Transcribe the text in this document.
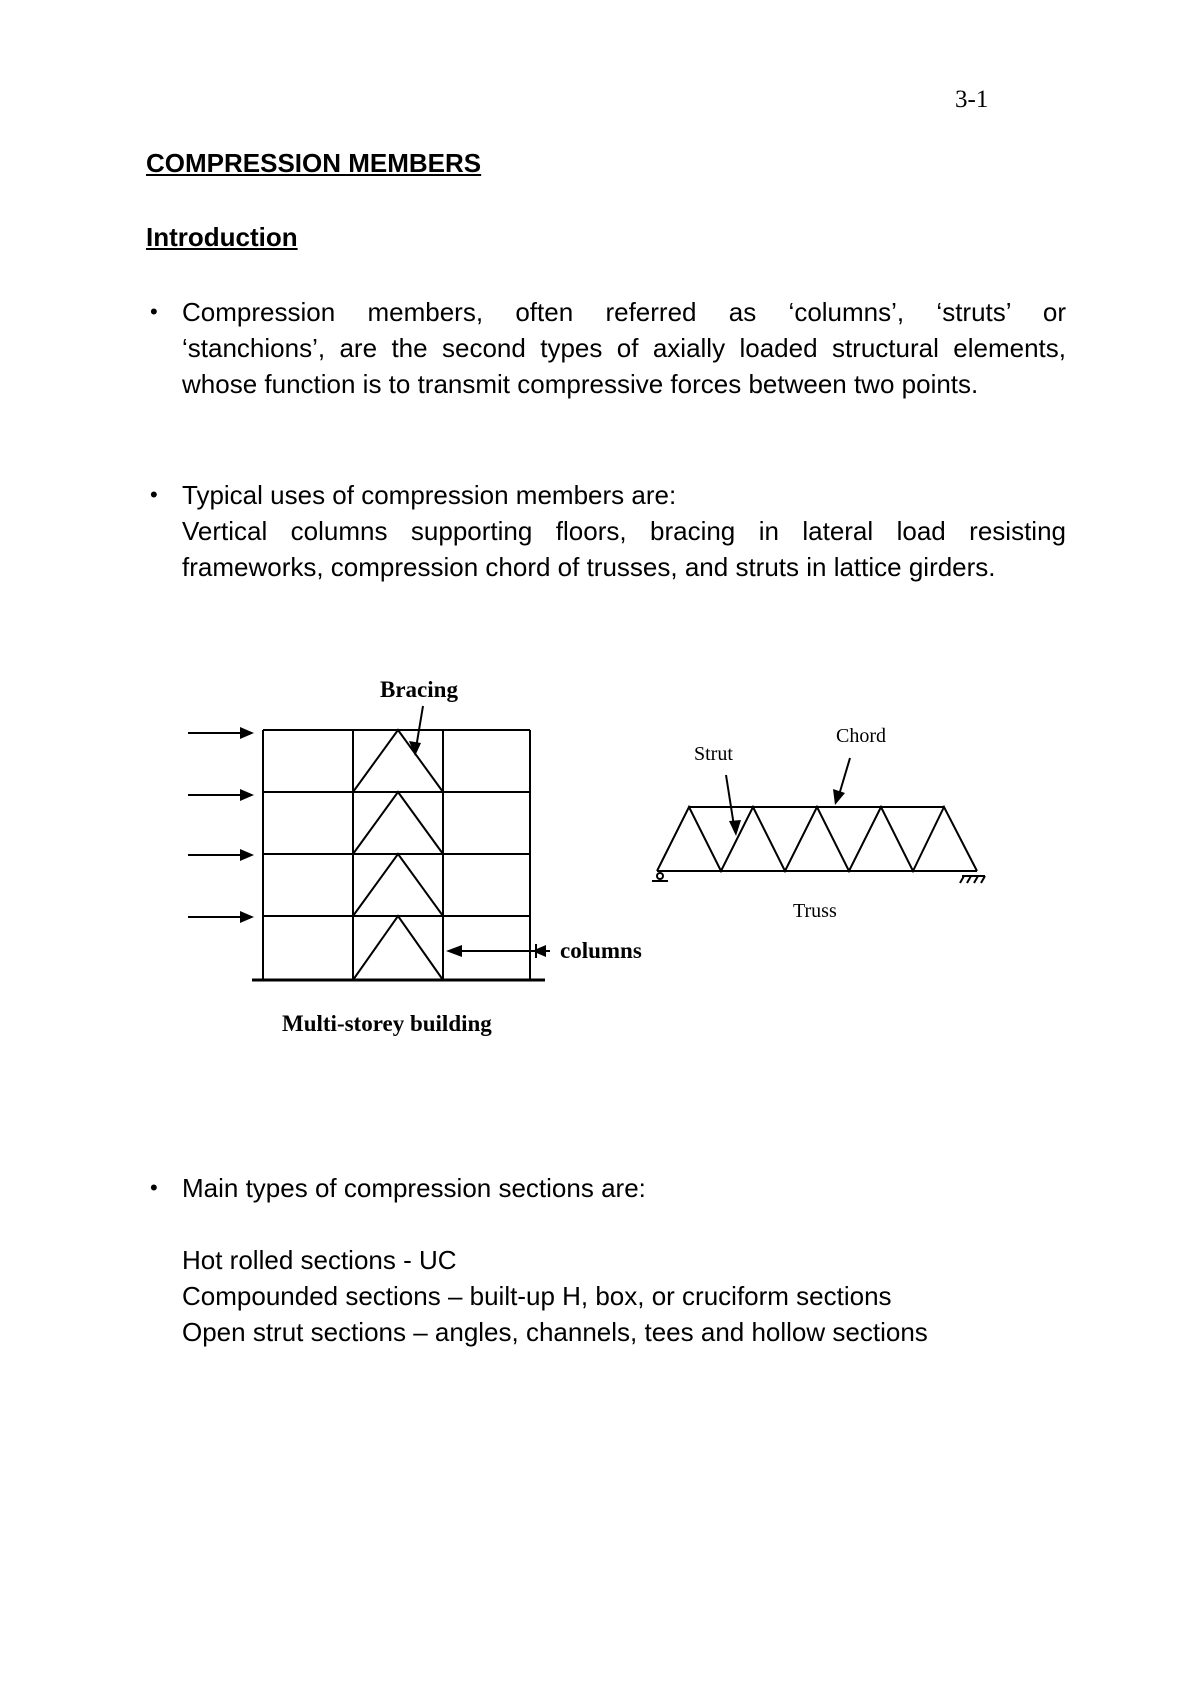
3-1
COMPRESSION MEMBERS
Introduction
• Compression members, often referred as ‘columns’, ‘struts’ or
‘stanchions’, are the second types of axially loaded structural elements,
whose function is to transmit compressive forces between two points.
• Typical uses of compression members are:
Vertical columns supporting floors, bracing in lateral load resisting
frameworks, compression chord of trusses, and struts in lattice girders.
Bracing
columns
Multi-storey building
Strut
Chord
Truss
• Main types of compression sections are:
Hot rolled sections - UC
Compounded sections – built-up H, box, or cruciform sections
Open strut sections – angles, channels, tees and hollow sections
